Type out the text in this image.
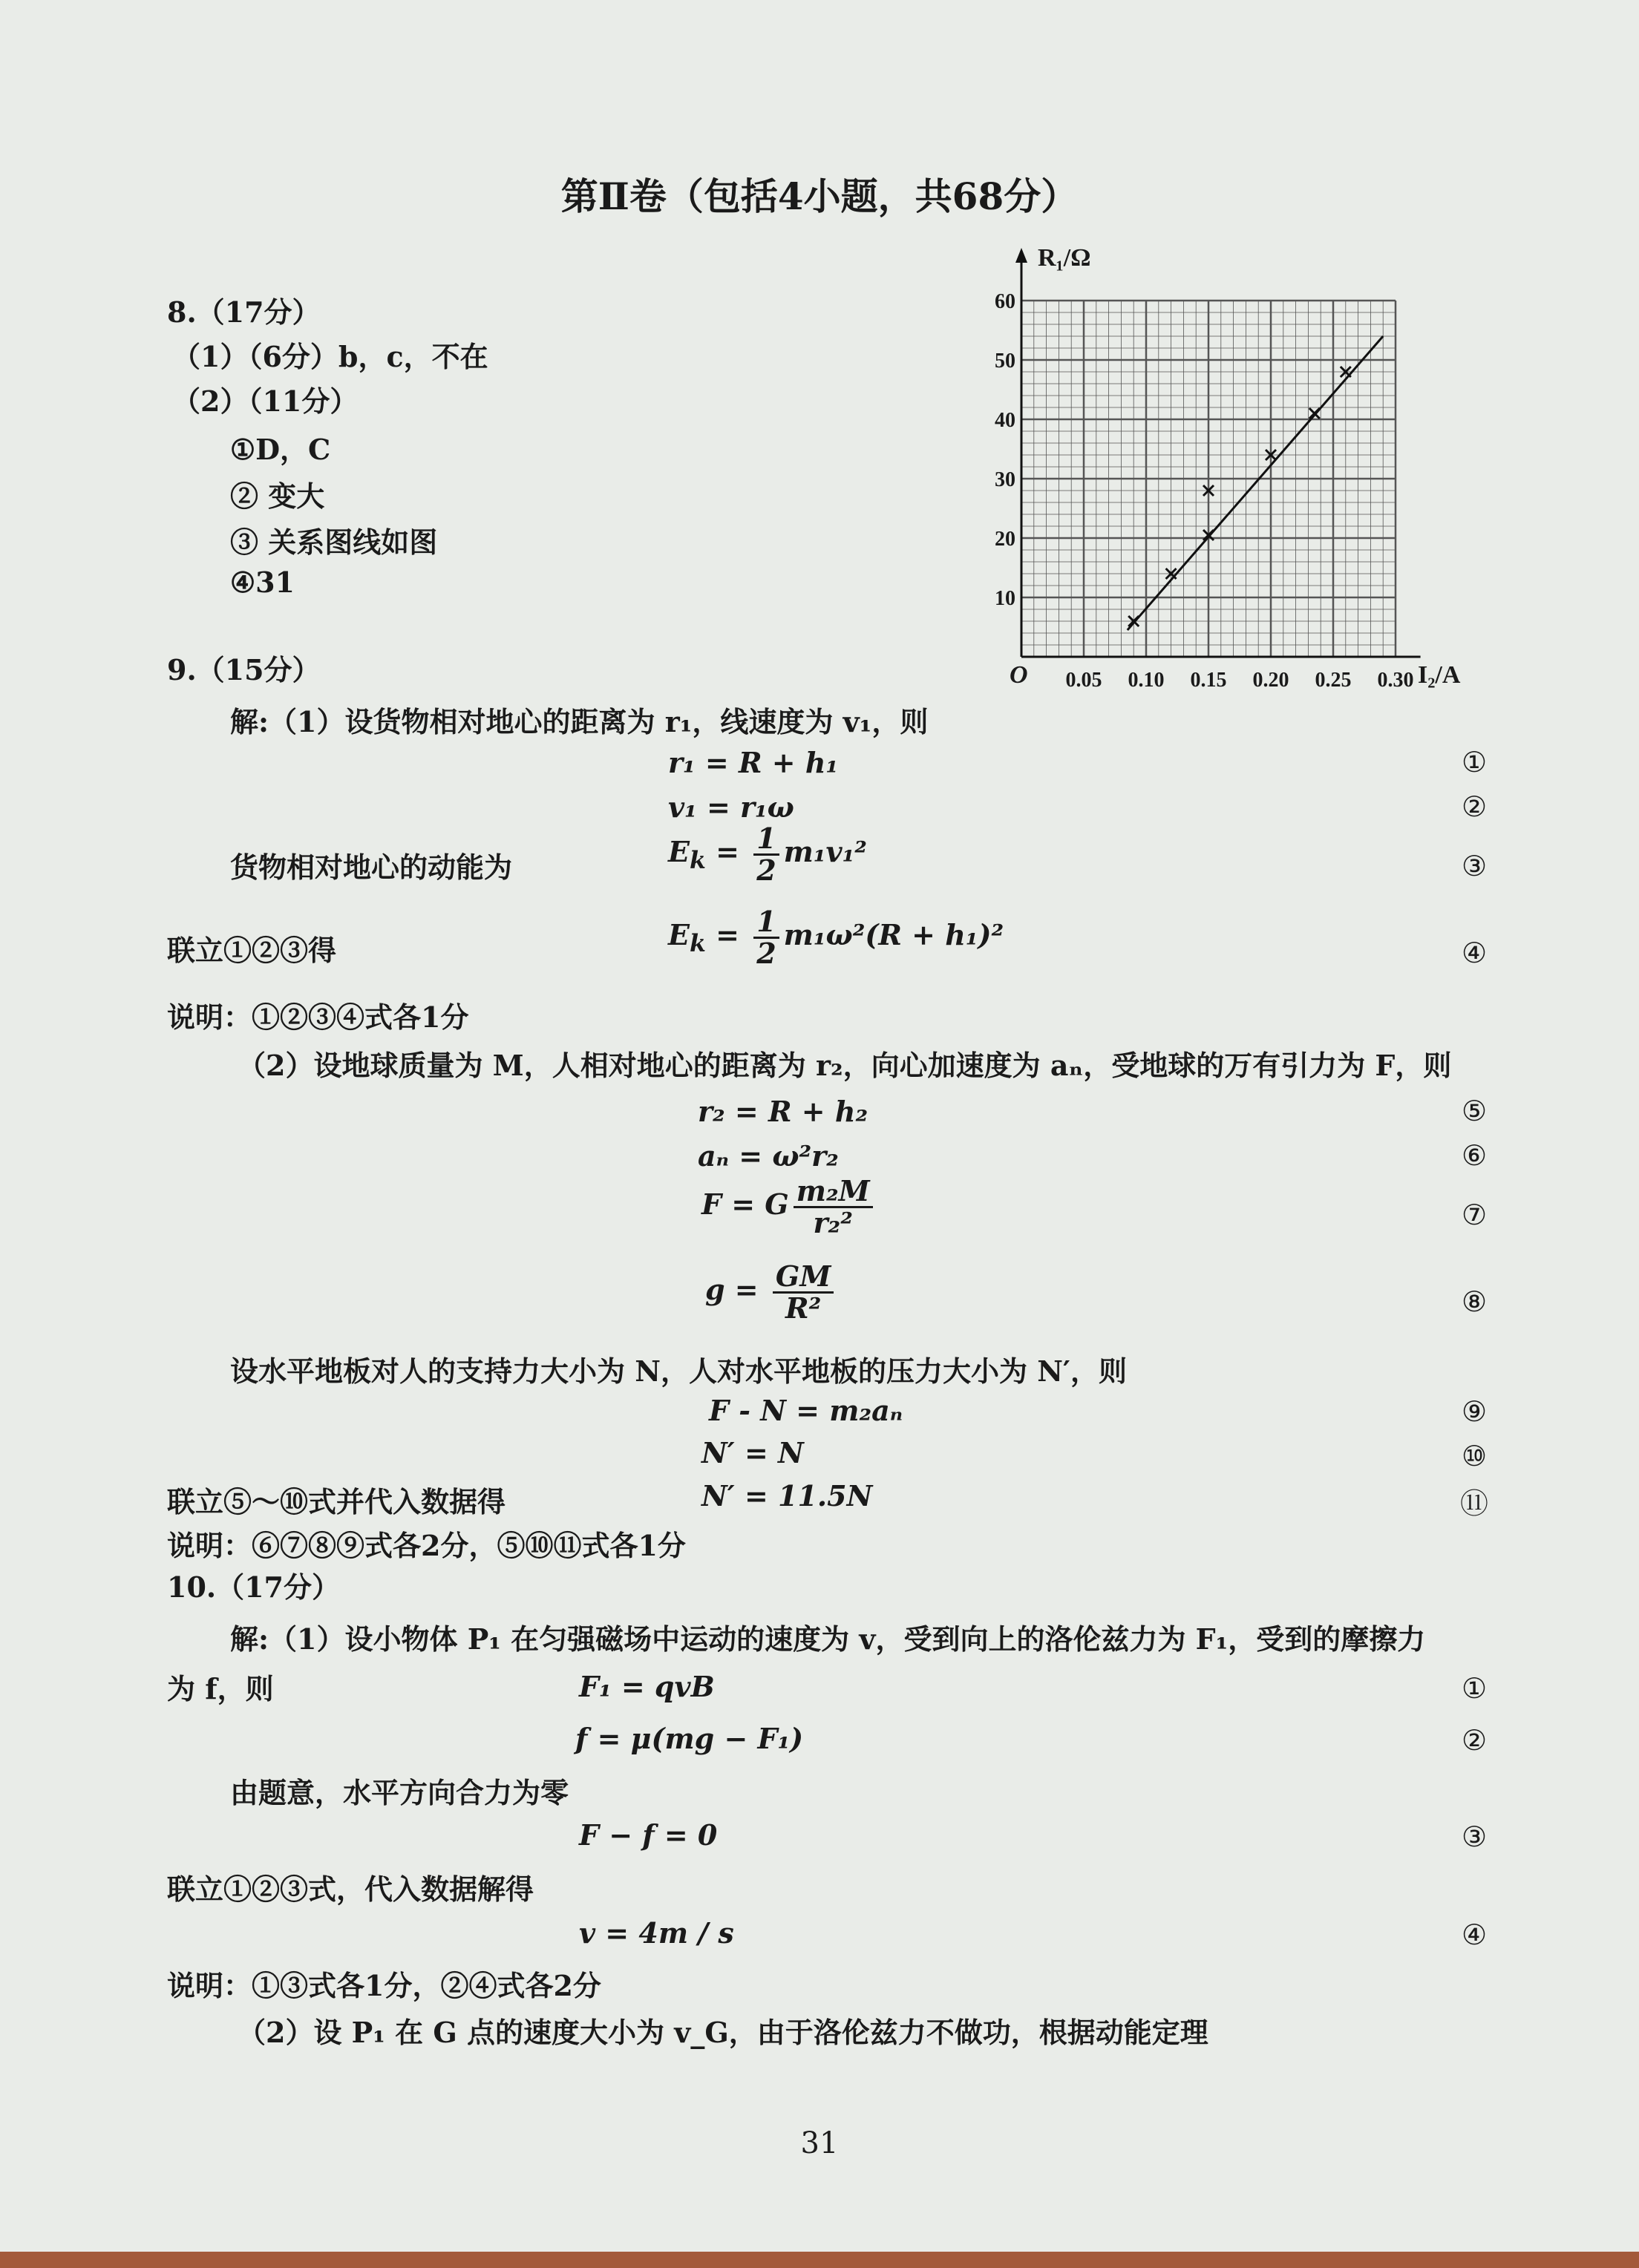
第Ⅱ卷（包括4小题，共68分）
8.（17分）
（1）（6分）b，c，不在
（2）（11分）
①D，C
② 变大
③ 关系图线如图
④31
0.05 0.10 0.15 0.20 0.25 0.30
10
20
30
40
50
60
R₁/Ω
I₂/A
O
9.（15分）
解:（1）设货物相对地心的距离为 r₁，线速度为 v₁，则
r₁ = R + h₁	①
v₁ = r₁ω	②
货物相对地心的动能为	$E_k = \frac{1}{2} m_1v_1^2$	③
联立①②③得	$E_k = \frac{1}{2} m_1\omega^2(R + h_1)^2$
④
说明：①②③④式各1分
（2）设地球质量为 M，人相对地心的距离为 r₂，向心加速度为 aₙ，受地球的万有引力为 F，则
r₂ = R + h₂	⑤
aₙ = ω²r₂	⑥
F = G $\frac{\text{m₂M}}{\text{r₂²}}$	⑦
$g = \frac{GM}{\text{R²}}$	⑧
设水平地板对人的支持力大小为 N，人对水平地板的压力大小为 N′，则
F - N = m₂aₙ	⑨
N′ = N	⑩
联立⑤～⑩式并代入数据得	N′ = 11.5N	⑪
说明：⑥⑦⑧⑨式各2分，⑤⑩⑪式各1分
10.（17分）
解:（1）设小物体 P₁ 在匀强磁场中运动的速度为 v，受到向上的洛伦兹力为 F₁，受到的摩擦力
为 f，则	F₁ = qvB	①
f = μ(mg − F₁)	②
由题意，水平方向合力为零
F − f = 0	③
联立①②③式，代入数据解得
v = 4m / s	④
说明：①③式各1分，②④式各2分
（2）设 P₁ 在 G 点的速度大小为 v_G，由于洛伦兹力不做功，根据动能定理
31
